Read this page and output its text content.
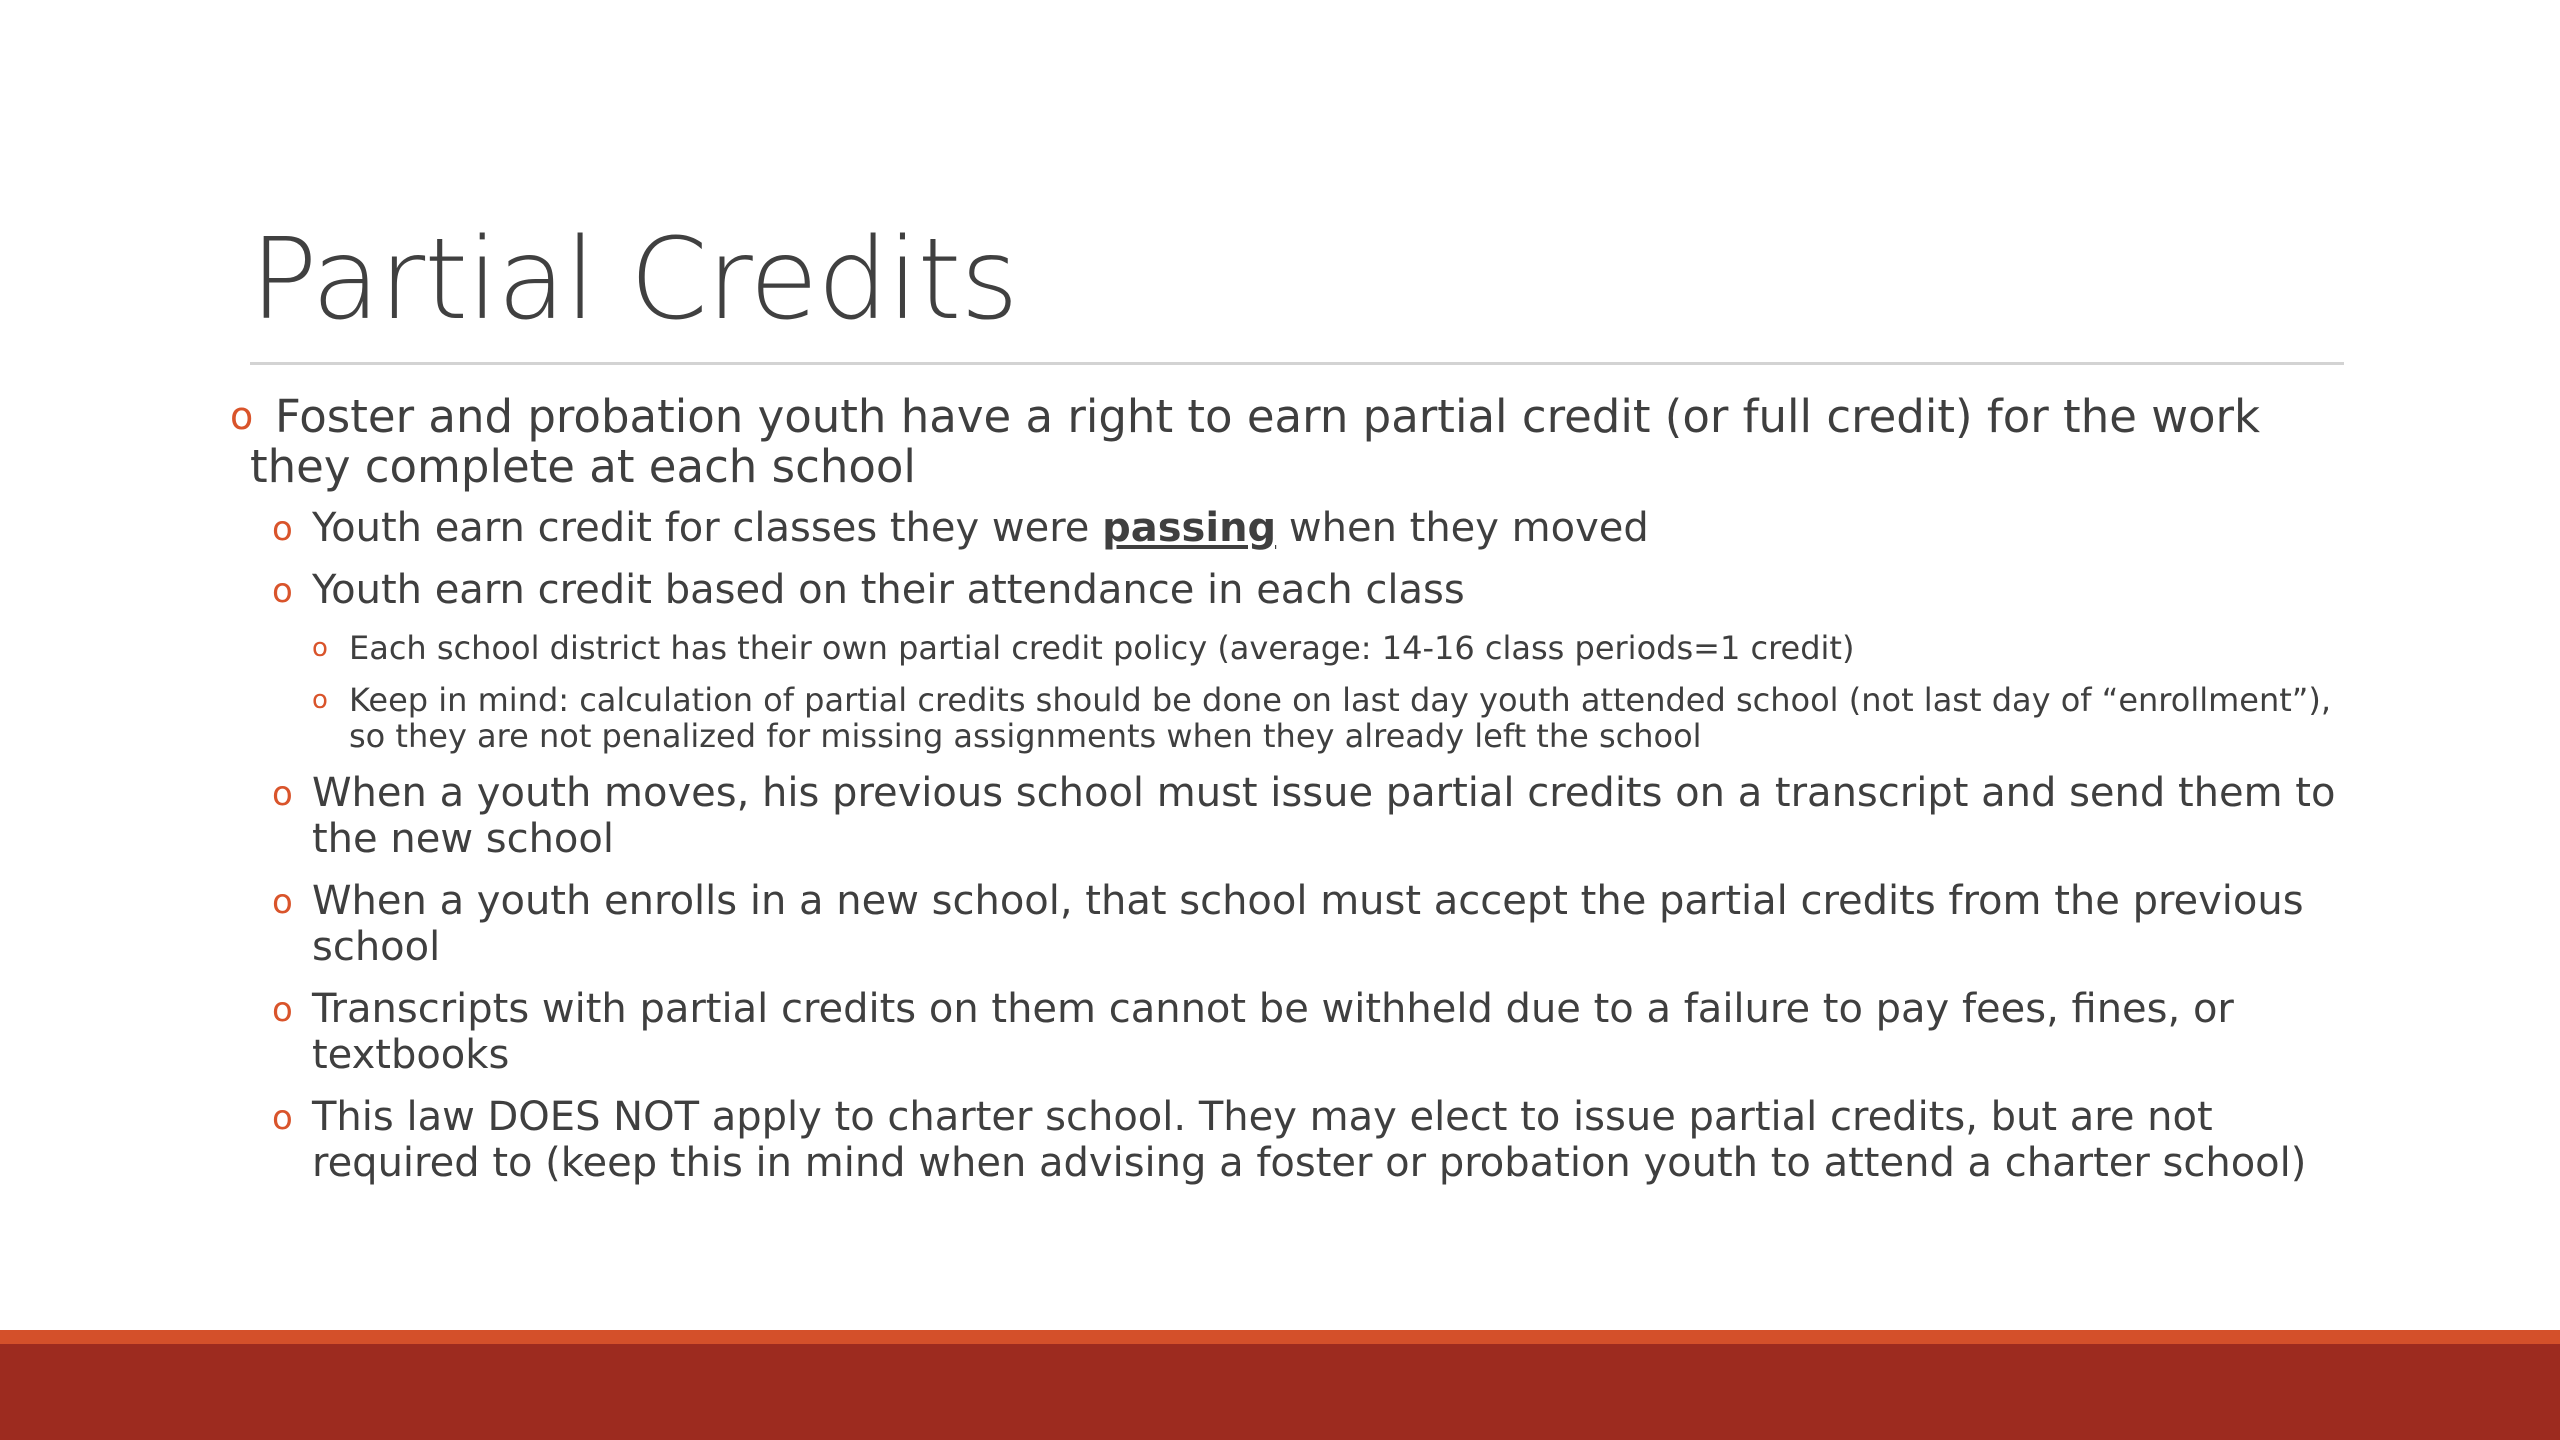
Partial Credits
o Foster and probation youth have a right to earn partial credit (or full credit) for the work they complete at each school
o Youth earn credit for classes they were passing when they moved
o Youth earn credit based on their attendance in each class
o Each school district has their own partial credit policy (average: 14-16 class periods=1 credit)
o Keep in mind: calculation of partial credits should be done on last day youth attended school (not last day of “enrollment”), so they are not penalized for missing assignments when they already left the school
o When a youth moves, his previous school must issue partial credits on a transcript and send them to the new school
o When a youth enrolls in a new school, that school must accept the partial credits from the previous school
o Transcripts with partial credits on them cannot be withheld due to a failure to pay fees, fines, or textbooks
o This law DOES NOT apply to charter school. They may elect to issue partial credits, but are not required to (keep this in mind when advising a foster or probation youth to attend a charter school)
